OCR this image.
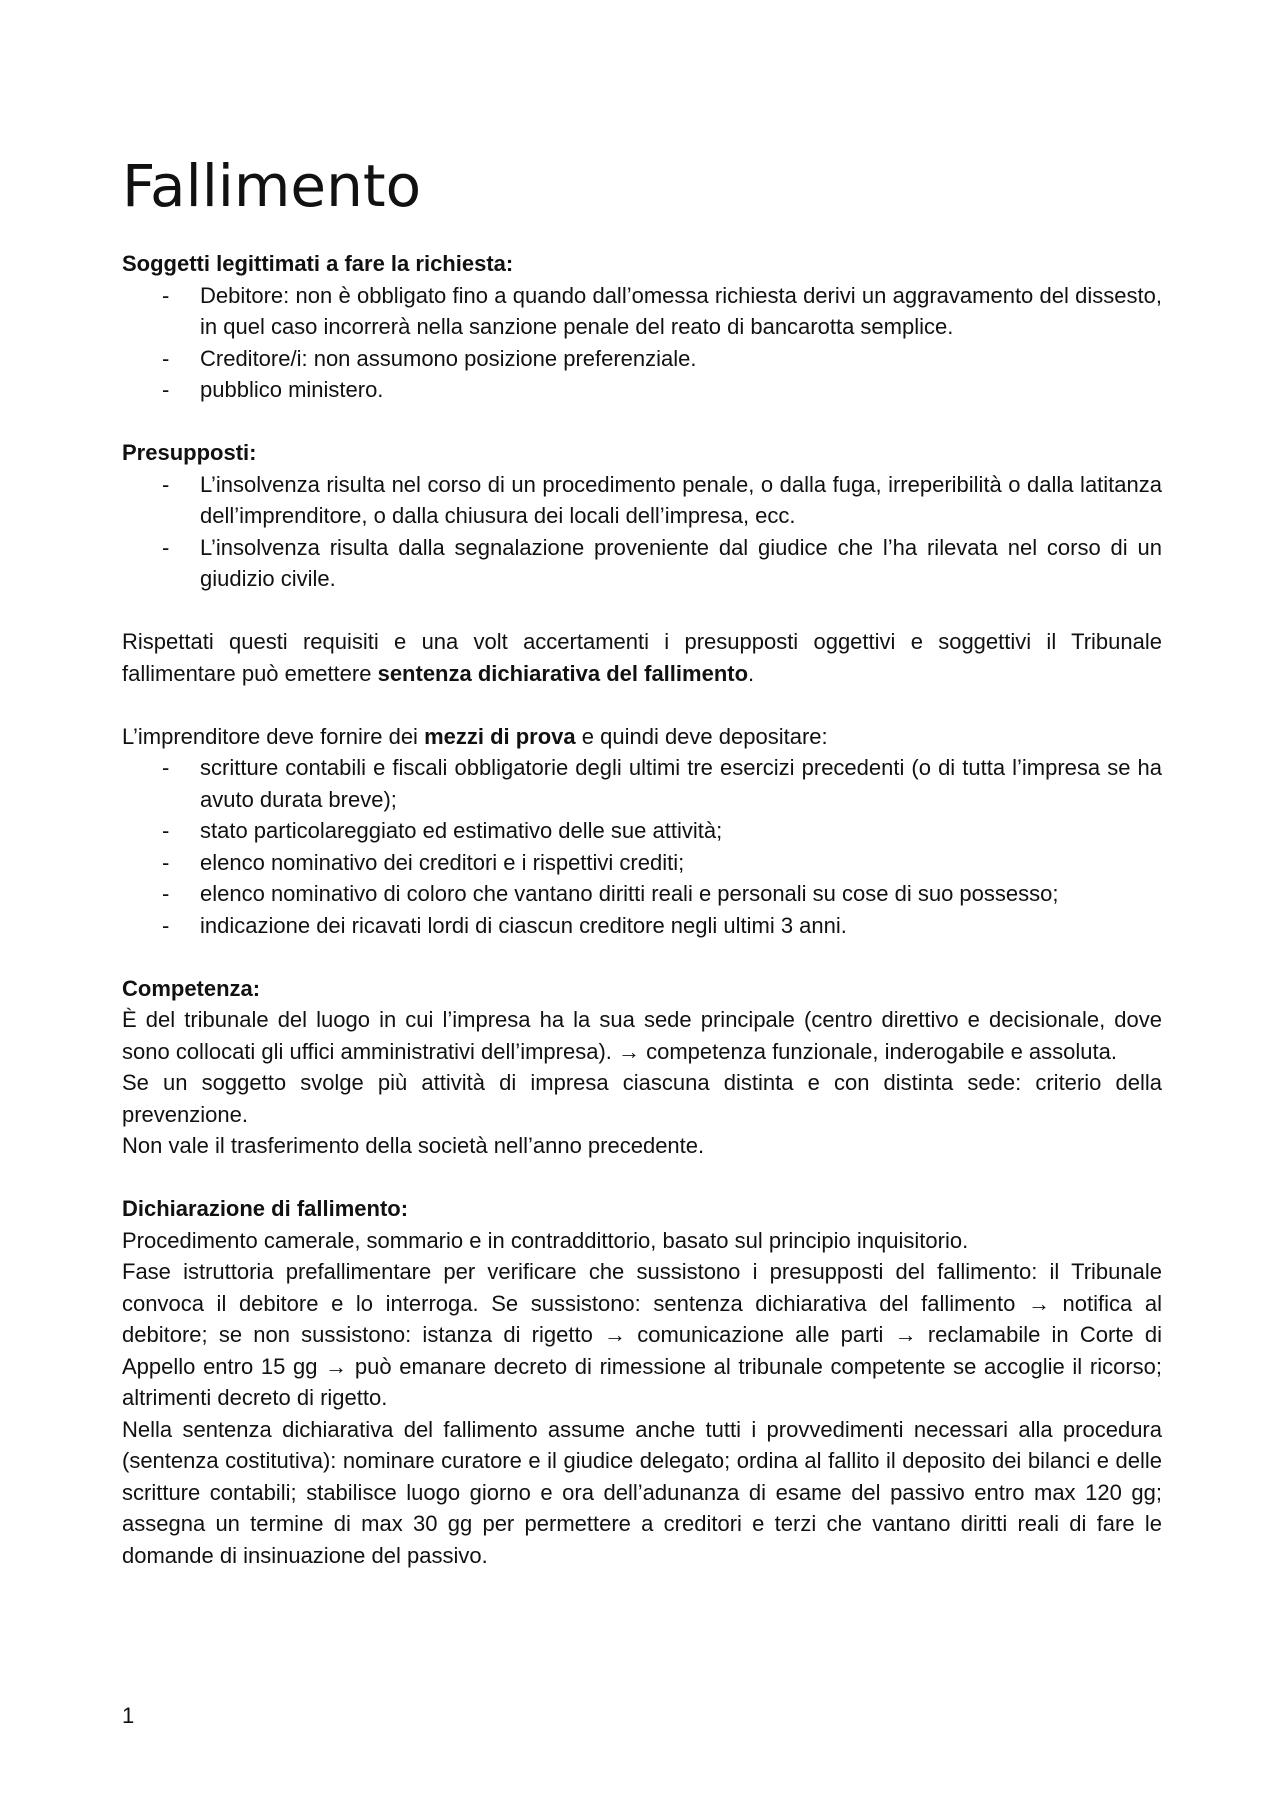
Fallimento
Soggetti legittimati a fare la richiesta:
- Debitore: non è obbligato fino a quando dall’omessa richiesta derivi un aggravamento del dissesto, in quel caso incorrerà nella sanzione penale del reato di bancarotta semplice.
- Creditore/i: non assumono posizione preferenziale.
- pubblico ministero.
Presupposti:
- L’insolvenza risulta nel corso di un procedimento penale, o dalla fuga, irreperibilità o dalla latitanza dell’imprenditore, o dalla chiusura dei locali dell’impresa, ecc.
- L’insolvenza risulta dalla segnalazione proveniente dal giudice che l’ha rilevata nel corso di un giudizio civile.
Rispettati questi requisiti e una volt accertamenti i presupposti oggettivi e soggettivi il Tribunale fallimentare può emettere sentenza dichiarativa del fallimento.
L’imprenditore deve fornire dei mezzi di prova e quindi deve depositare:
- scritture contabili e fiscali obbligatorie degli ultimi tre esercizi precedenti (o di tutta l’impresa se ha avuto durata breve);
- stato particolareggiato ed estimativo delle sue attività;
- elenco nominativo dei creditori e i rispettivi crediti;
- elenco nominativo di coloro che vantano diritti reali e personali su cose di suo possesso;
- indicazione dei ricavati lordi di ciascun creditore negli ultimi 3 anni.
Competenza:
È del tribunale del luogo in cui l’impresa ha la sua sede principale (centro direttivo e decisionale, dove sono collocati gli uffici amministrativi dell’impresa). → competenza funzionale, inderogabile e assoluta.
Se un soggetto svolge più attività di impresa ciascuna distinta e con distinta sede: criterio della prevenzione.
Non vale il trasferimento della società nell’anno precedente.
Dichiarazione di fallimento:
Procedimento camerale, sommario e in contraddittorio, basato sul principio inquisitorio.
Fase istruttoria prefallimentare per verificare che sussistono i presupposti del fallimento: il Tribunale convoca il debitore e lo interroga. Se sussistono: sentenza dichiarativa del fallimento → notifica al debitore; se non sussistono: istanza di rigetto → comunicazione alle parti → reclamabile in Corte di Appello entro 15 gg → può emanare decreto di rimessione al tribunale competente se accoglie il ricorso; altrimenti decreto di rigetto.
Nella sentenza dichiarativa del fallimento assume anche tutti i provvedimenti necessari alla procedura (sentenza costitutiva): nominare curatore e il giudice delegato; ordina al fallito il deposito dei bilanci e delle scritture contabili; stabilisce luogo giorno e ora dell’adunanza di esame del passivo entro max 120 gg; assegna un termine di max 30 gg per permettere a creditori e terzi che vantano diritti reali di fare le domande di insinuazione del passivo.
1
